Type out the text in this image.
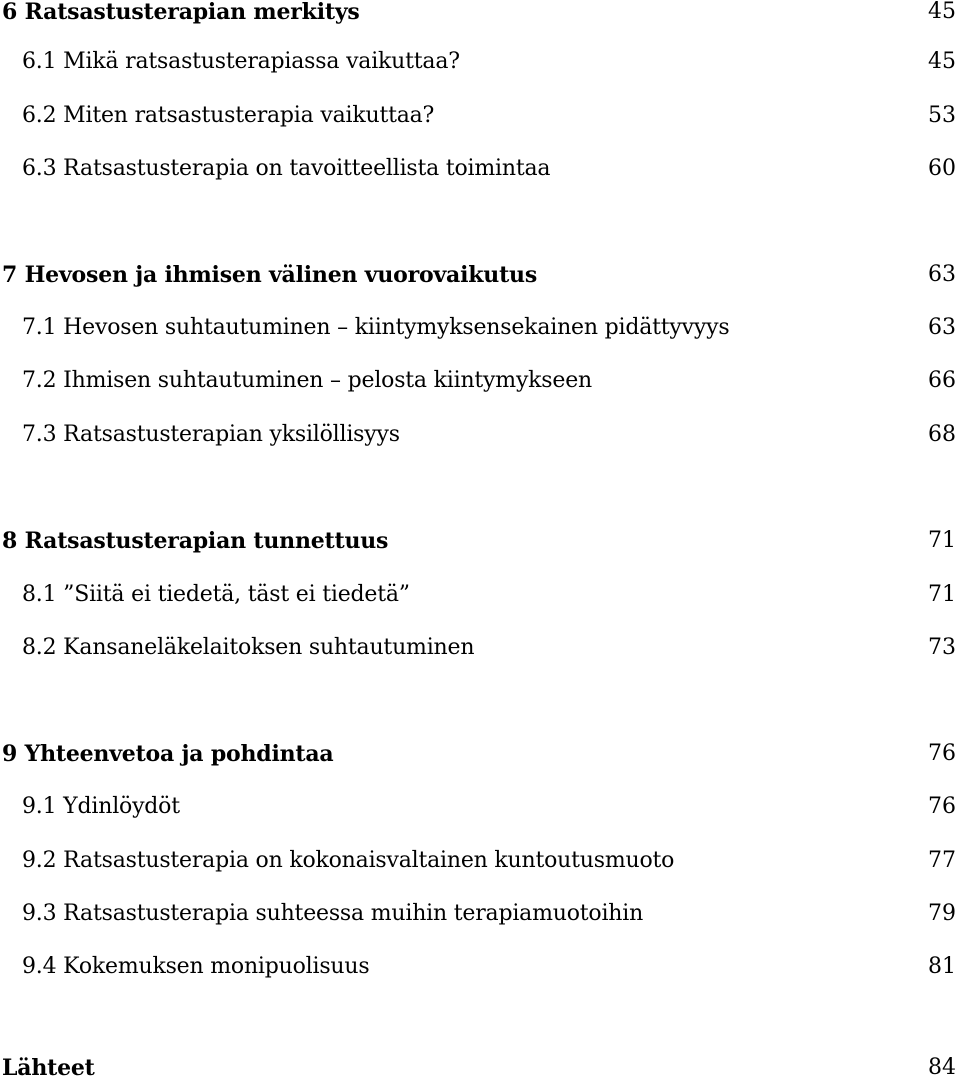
6 Ratsastusterapian merkitys	45
6.1 Mikä ratsastusterapiassa vaikuttaa?	45
6.2 Miten ratsastusterapia vaikuttaa?	53
6.3 Ratsastusterapia on tavoitteellista toimintaa	60
7 Hevosen ja ihmisen välinen vuorovaikutus	63
7.1 Hevosen suhtautuminen – kiintymyksensekainen pidättyvyys	63
7.2 Ihmisen suhtautuminen – pelosta kiintymykseen	66
7.3 Ratsastusterapian yksilöllisyys	68
8 Ratsastusterapian tunnettuus	71
8.1 ”Siitä ei tiedetä, täst ei tiedetä”	71
8.2 Kansaneläkelaitoksen suhtautuminen	73
9 Yhteenvetoa ja pohdintaa	76
9.1 Ydinlöydöt	76
9.2 Ratsastusterapia on kokonaisvaltainen kuntoutusmuoto	77
9.3 Ratsastusterapia suhteessa muihin terapiamuotoihin	79
9.4 Kokemuksen monipuolisuus	81
Lähteet	84
